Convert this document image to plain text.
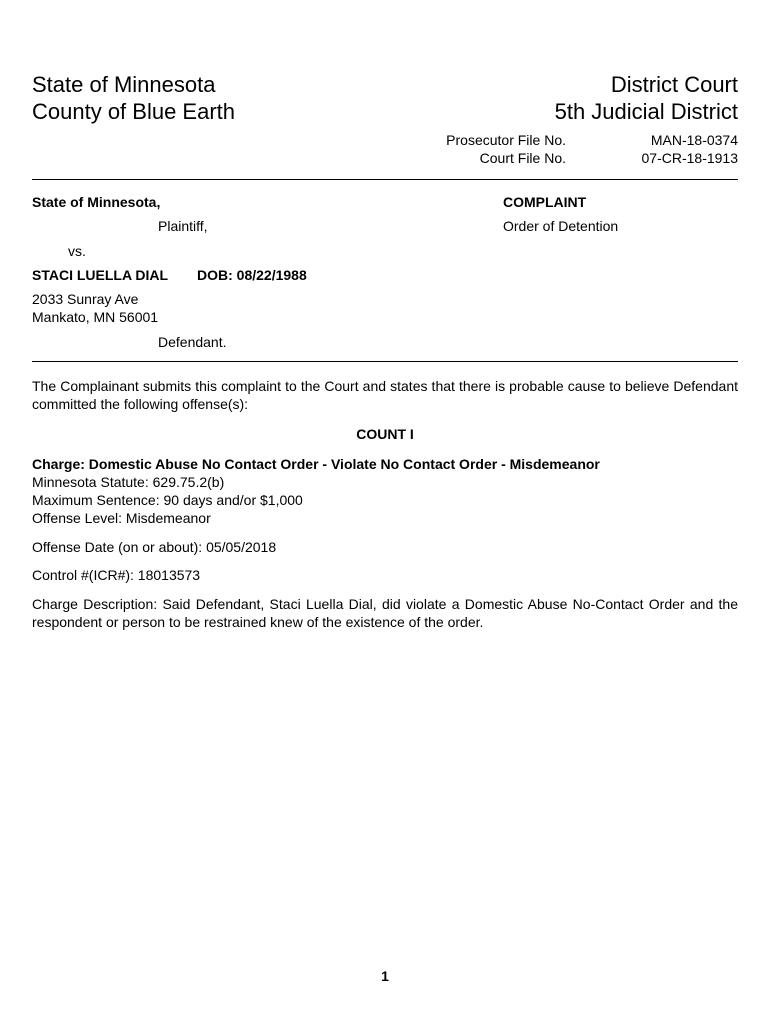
State of Minnesota
County of Blue Earth
District Court
5th Judicial District
Prosecutor File No.	MAN-18-0374
Court File No.	07-CR-18-1913
State of Minnesota,
Plaintiff,
vs.
STACI LUELLA DIAL DOB: 08/22/1988
2033 Sunray Ave
Mankato, MN 56001
Defendant.
COMPLAINT
Order of Detention
The Complainant submits this complaint to the Court and states that there is probable cause to believe Defendant committed the following offense(s):
COUNT I
Charge: Domestic Abuse No Contact Order - Violate No Contact Order - Misdemeanor
Minnesota Statute: 629.75.2(b)
Maximum Sentence: 90 days and/or $1,000
Offense Level: Misdemeanor
Offense Date (on or about): 05/05/2018
Control #(ICR#): 18013573
Charge Description: Said Defendant, Staci Luella Dial, did violate a Domestic Abuse No-Contact Order and the respondent or person to be restrained knew of the existence of the order.
1
